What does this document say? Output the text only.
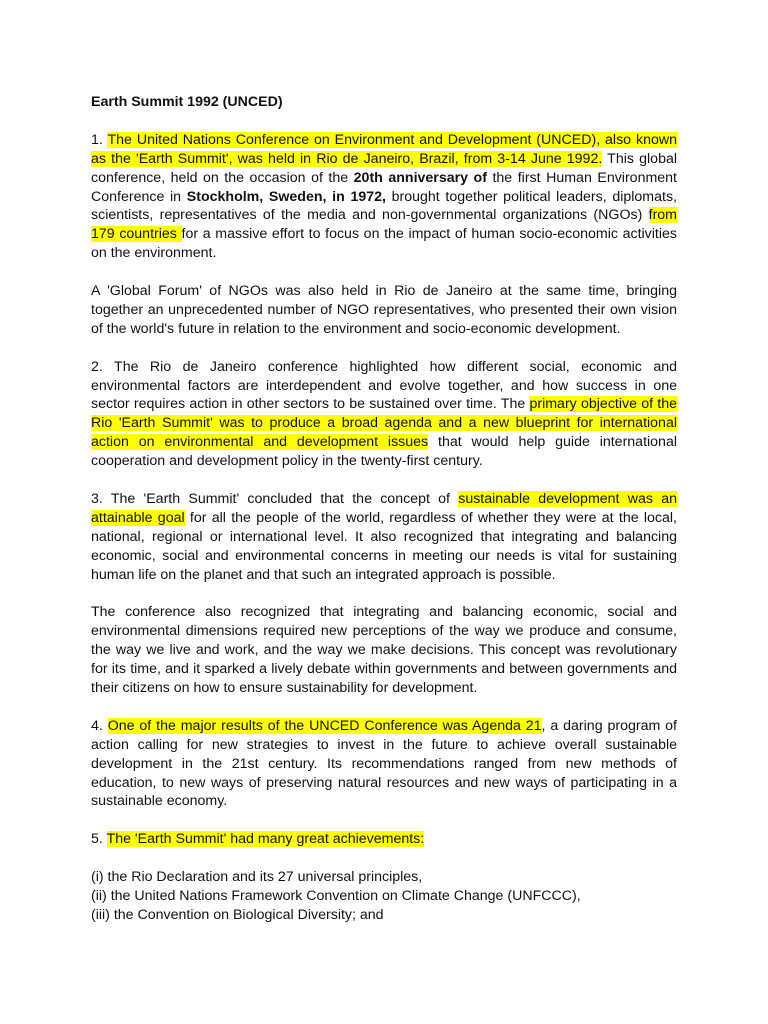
Earth Summit 1992 (UNCED)

1. The United Nations Conference on Environment and Development (UNCED), also known as the 'Earth Summit', was held in Rio de Janeiro, Brazil, from 3-14 June 1992. This global conference, held on the occasion of the 20th anniversary of the first Human Environment Conference in Stockholm, Sweden, in 1972, brought together political leaders, diplomats, scientists, representatives of the media and non-governmental organizations (NGOs) from 179 countries for a massive effort to focus on the impact of human socio-economic activities on the environment.

A 'Global Forum' of NGOs was also held in Rio de Janeiro at the same time, bringing together an unprecedented number of NGO representatives, who presented their own vision of the world's future in relation to the environment and socio-economic development.

2. The Rio de Janeiro conference highlighted how different social, economic and environmental factors are interdependent and evolve together, and how success in one sector requires action in other sectors to be sustained over time. The primary objective of the Rio 'Earth Summit' was to produce a broad agenda and a new blueprint for international action on environmental and development issues that would help guide international cooperation and development policy in the twenty-first century.

3. The 'Earth Summit' concluded that the concept of sustainable development was an attainable goal for all the people of the world, regardless of whether they were at the local, national, regional or international level. It also recognized that integrating and balancing economic, social and environmental concerns in meeting our needs is vital for sustaining human life on the planet and that such an integrated approach is possible.

The conference also recognized that integrating and balancing economic, social and environmental dimensions required new perceptions of the way we produce and consume, the way we live and work, and the way we make decisions. This concept was revolutionary for its time, and it sparked a lively debate within governments and between governments and their citizens on how to ensure sustainability for development.

4. One of the major results of the UNCED Conference was Agenda 21, a daring program of action calling for new strategies to invest in the future to achieve overall sustainable development in the 21st century. Its recommendations ranged from new methods of education, to new ways of preserving natural resources and new ways of participating in a sustainable economy.

5. The 'Earth Summit' had many great achievements:

(i) the Rio Declaration and its 27 universal principles,
(ii) the United Nations Framework Convention on Climate Change (UNFCCC),
(iii) the Convention on Biological Diversity; and
